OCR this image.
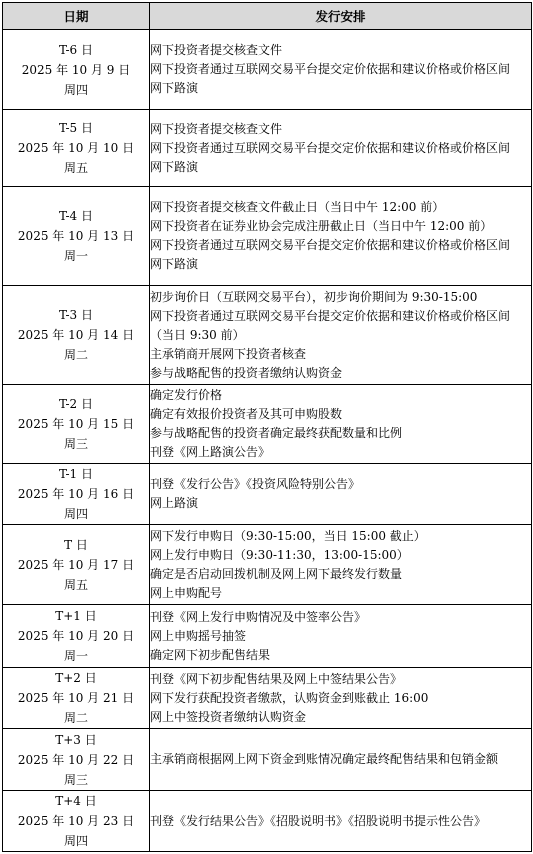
日期	发行安排

T-6 日
2025 年 10 月 9 日
周四	网下投资者提交核查文件
网下投资者通过互联网交易平台提交定价依据和建议价格或价格区间
网下路演

T-5 日
2025 年 10 月 10 日
周五	网下投资者提交核查文件
网下投资者通过互联网交易平台提交定价依据和建议价格或价格区间
网下路演

T-4 日
2025 年 10 月 13 日
周一	网下投资者提交核查文件截止日（当日中午 12:00 前）
网下投资者在证券业协会完成注册截止日（当日中午 12:00 前）
网下投资者通过互联网交易平台提交定价依据和建议价格或价格区间
网下路演

T-3 日
2025 年 10 月 14 日
周二	初步询价日（互联网交易平台），初步询价期间为 9:30-15:00
网下投资者通过互联网交易平台提交定价依据和建议价格或价格区间（当日 9:30 前）
主承销商开展网下投资者核查
参与战略配售的投资者缴纳认购资金

T-2 日
2025 年 10 月 15 日
周三	确定发行价格
确定有效报价投资者及其可申购股数
参与战略配售的投资者确定最终获配数量和比例
刊登《网上路演公告》

T-1 日
2025 年 10 月 16 日
周四	刊登《发行公告》《投资风险特别公告》
网上路演

T 日
2025 年 10 月 17 日
周五	网下发行申购日（9:30-15:00，当日 15:00 截止）
网上发行申购日（9:30-11:30，13:00-15:00）
确定是否启动回拨机制及网上网下最终发行数量
网上申购配号

T+1 日
2025 年 10 月 20 日
周一	刊登《网上发行申购情况及中签率公告》
网上申购摇号抽签
确定网下初步配售结果

T+2 日
2025 年 10 月 21 日
周二	刊登《网下初步配售结果及网上中签结果公告》
网下发行获配投资者缴款，认购资金到账截止 16:00
网上中签投资者缴纳认购资金

T+3 日
2025 年 10 月 22 日
周三	主承销商根据网上网下资金到账情况确定最终配售结果和包销金额

T+4 日
2025 年 10 月 23 日
周四	刊登《发行结果公告》《招股说明书》《招股说明书提示性公告》
